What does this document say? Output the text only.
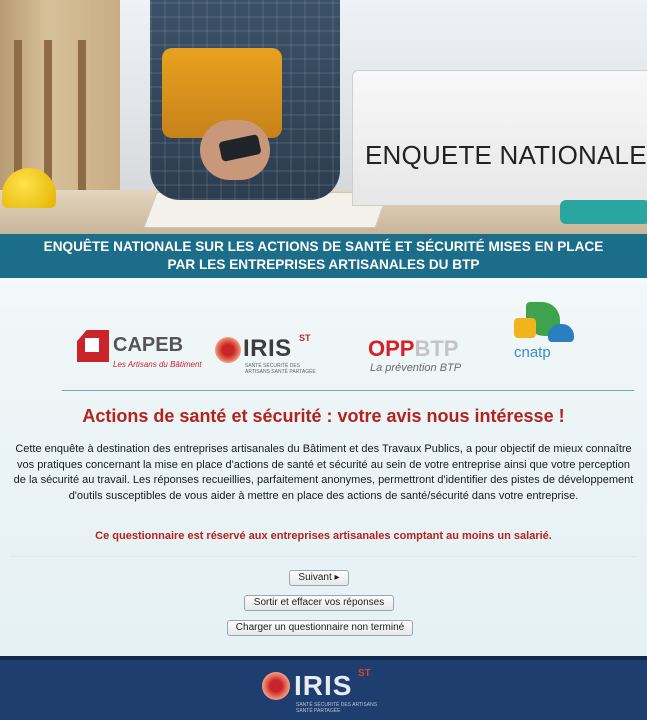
ENQUETE NATIONALE
ENQUÊTE NATIONALE SUR LES ACTIONS DE SANTÉ ET SÉCURITÉ MISES EN PLACE
PAR LES ENTREPRISES ARTISANALES DU BTP
CAPEB
Les Artisans du Bâtiment
IRIS ST
SANTÉ SÉCURITÉ DES ARTISANS SANTÉ PARTAGÉE
OPPBTP
La prévention BTP
cnatp
Actions de santé et sécurité : votre avis nous intéresse !
Cette enquête à destination des entreprises artisanales du Bâtiment et des Travaux Publics, a pour objectif de mieux connaître vos pratiques concernant la mise en place d'actions de santé et sécurité au sein de votre entreprise ainsi que votre perception de la sécurité au travail. Les réponses recueillies, parfaitement anonymes, permettront d'identifier des pistes de développement d'outils susceptibles de vous aider à mettre en place des actions de santé/sécurité dans votre entreprise.
Ce questionnaire est réservé aux entreprises artisanales comptant au moins un salarié.
Suivant ▸
Sortir et effacer vos réponses
Charger un questionnaire non terminé
IRIS ST
SANTÉ SÉCURITÉ DES ARTISANS SANTÉ PARTAGÉE
